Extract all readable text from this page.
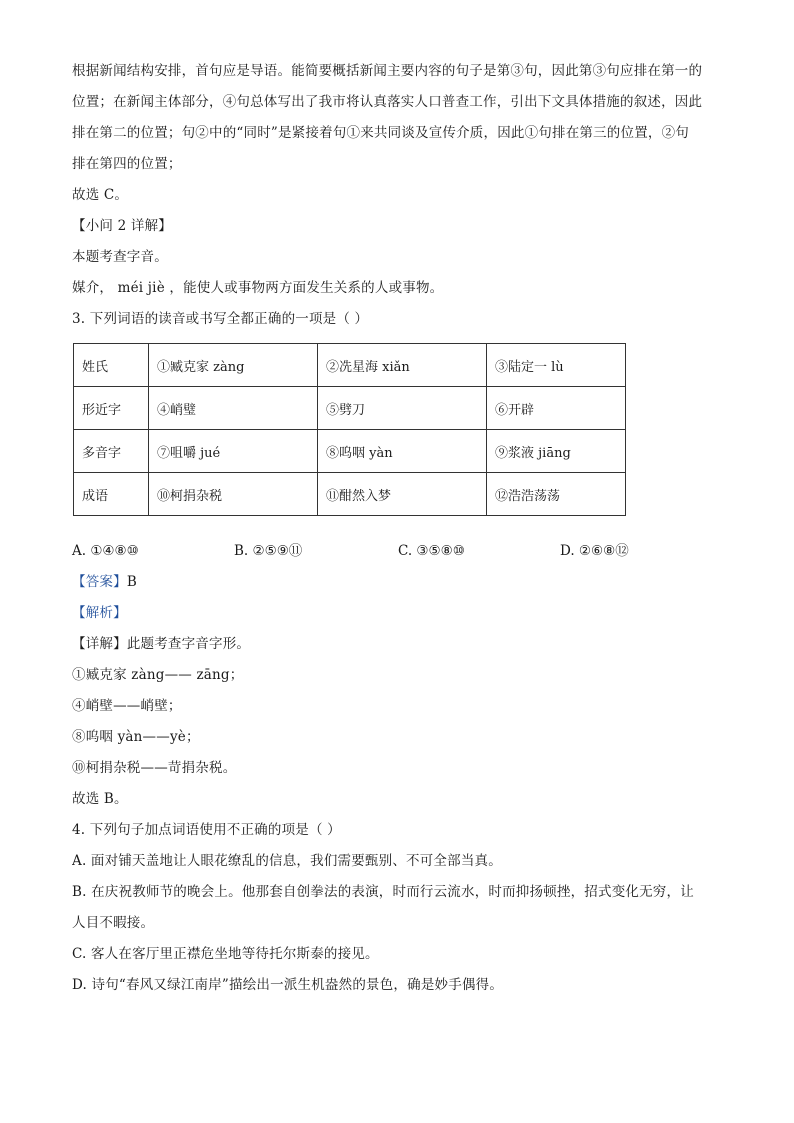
根据新闻结构安排，首句应是导语。能简要概括新闻主要内容的句子是第③句，因此第③句应排在第一的
位置；在新闻主体部分，④句总体写出了我市将认真落实人口普查工作，引出下文具体措施的叙述，因此
排在第二的位置；句②中的“同时”是紧接着句①来共同谈及宣传介质，因此①句排在第三的位置，②句
排在第四的位置；
故选 C。
【小问 2 详解】
本题考查字音。
媒介， méi jiè ，能使人或事物两方面发生关系的人或事物。
3. 下列词语的读音或书写全都正确的一项是（ ）
姓氏	①臧克家 zàng	②冼星海 xiǎn	③陆定一 lù
形近字	④峭璧	⑤劈刀	⑥开辟
多音字	⑦咀嚼 jué	⑧呜咽 yàn	⑨浆液 jiāng
成语	⑩柯捐杂税	⑪酣然入梦	⑫浩浩荡荡
A. ①④⑧⑩	B. ②⑤⑨⑪	C. ③⑤⑧⑩	D. ②⑥⑧⑫
【答案】B
【解析】
【详解】此题考查字音字形。
①臧克家 zàng—— zāng；
④峭壁——峭壁；
⑧呜咽 yàn——yè；
⑩柯捐杂税——苛捐杂税。
故选 B。
4. 下列句子加点词语使用不正确的项是（ ）
A. 面对铺天盖地让人眼花缭乱的信息，我们需要甄别、不可全部当真。
B. 在庆祝教师节的晚会上。他那套自创拳法的表演，时而行云流水，时而抑扬顿挫，招式变化无穷，让
人目不暇接。
C. 客人在客厅里正襟危坐地等待托尔斯泰的接见。
D. 诗句“春风又绿江南岸”描绘出一派生机盎然的景色，确是妙手偶得。
